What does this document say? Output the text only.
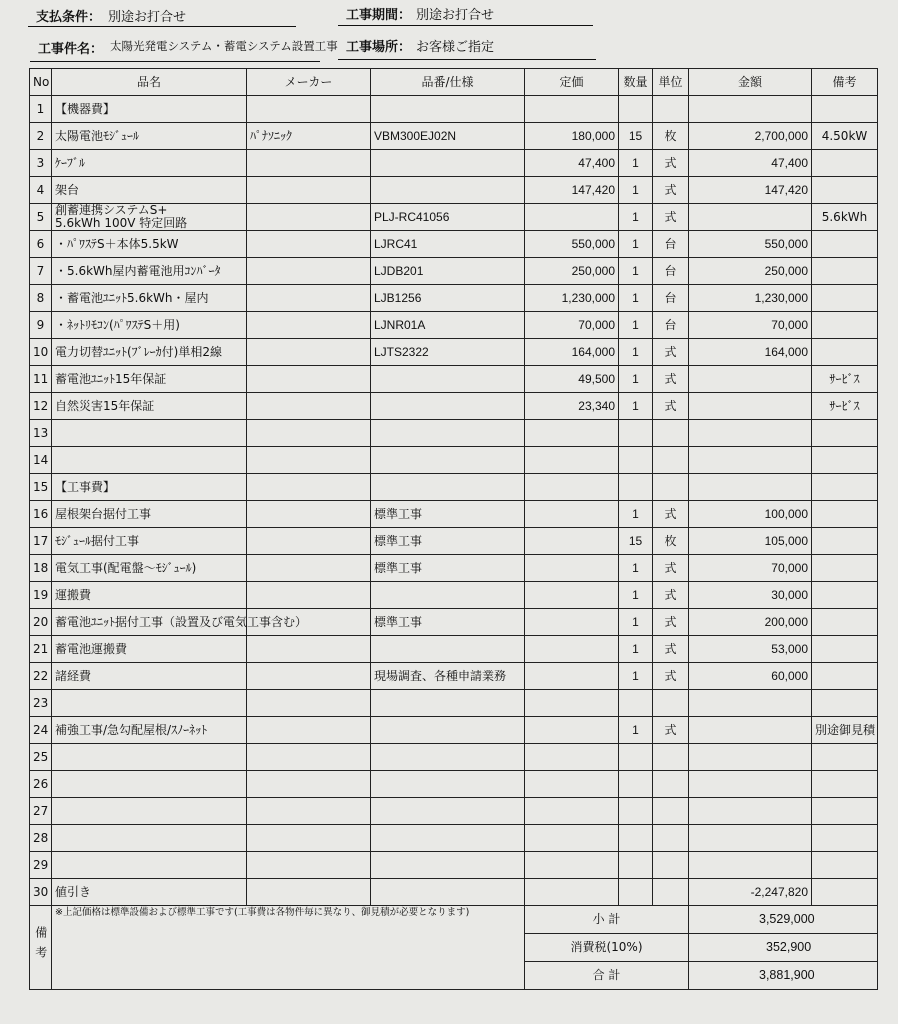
支払条件： 別途お打合せ	工事期間： 別途お打合せ
工事件名： 太陽光発電システム・蓄電システム設置工事 工事場所： お客様ご指定
No	品名	メーカー	品番/仕様	定価	数量	単位	金額	備考
1	【機器費】							
2	太陽電池ﾓｼﾞｭｰﾙ	ﾊﾟﾅｿﾆｯｸ	VBM300EJ02N	180,000	15	枚	2,700,000	4.50kW
3	ｹｰﾌﾞﾙ			47,400	1	式	47,400	
4	架台			147,420	1	式	147,420	
5	創蓄連携システムS+
5.6kWh 100V 特定回路		PLJ-RC41056		1	式		5.6kWh
6	・ﾊﾟﾜｽﾃS＋本体5.5kW		LJRC41	550,000	1	台	550,000	
7	・5.6kWh屋内蓄電池用ｺﾝﾊﾞｰﾀ		LJDB201	250,000	1	台	250,000	
8	・蓄電池ﾕﾆｯﾄ5.6kWh・屋内		LJB1256	1,230,000	1	台	1,230,000	
9	・ﾈｯﾄﾘﾓｺﾝ(ﾊﾟﾜｽﾃS＋用)		LJNR01A	70,000	1	台	70,000	
10	電力切替ﾕﾆｯﾄ(ﾌﾞﾚｰｶ付)単相2線		LJTS2322	164,000	1	式	164,000	
11	蓄電池ﾕﾆｯﾄ15年保証			49,500	1	式		ｻｰﾋﾞｽ
12	自然災害15年保証			23,340	1	式		ｻｰﾋﾞｽ
13								
14								
15	【工事費】							
16	屋根架台据付工事		標準工事		1	式	100,000	
17	ﾓｼﾞｭｰﾙ据付工事		標準工事		15	枚	105,000	
18	電気工事(配電盤～ﾓｼﾞｭｰﾙ)		標準工事		1	式	70,000	
19	運搬費				1	式	30,000	
20	蓄電池ﾕﾆｯﾄ据付工事（設置及び電気工事含む）		標準工事		1	式	200,000	
21	蓄電池運搬費				1	式	53,000	
22	諸経費		現場調査、各種申請業務		1	式	60,000	
23								
24	補強工事/急勾配屋根/ｽﾉｰﾈｯﾄ				1	式		別途御見積
25								
26								
27								
28								
29								
30	値引き						-2,247,820	
備考	※上記価格は標準設備および標準工事です(工事費は各物件毎に異なり、御見積が必要となります)			小 計			3,529,000	
				消費税(10%)			352,900	
				合 計			3,881,900	
